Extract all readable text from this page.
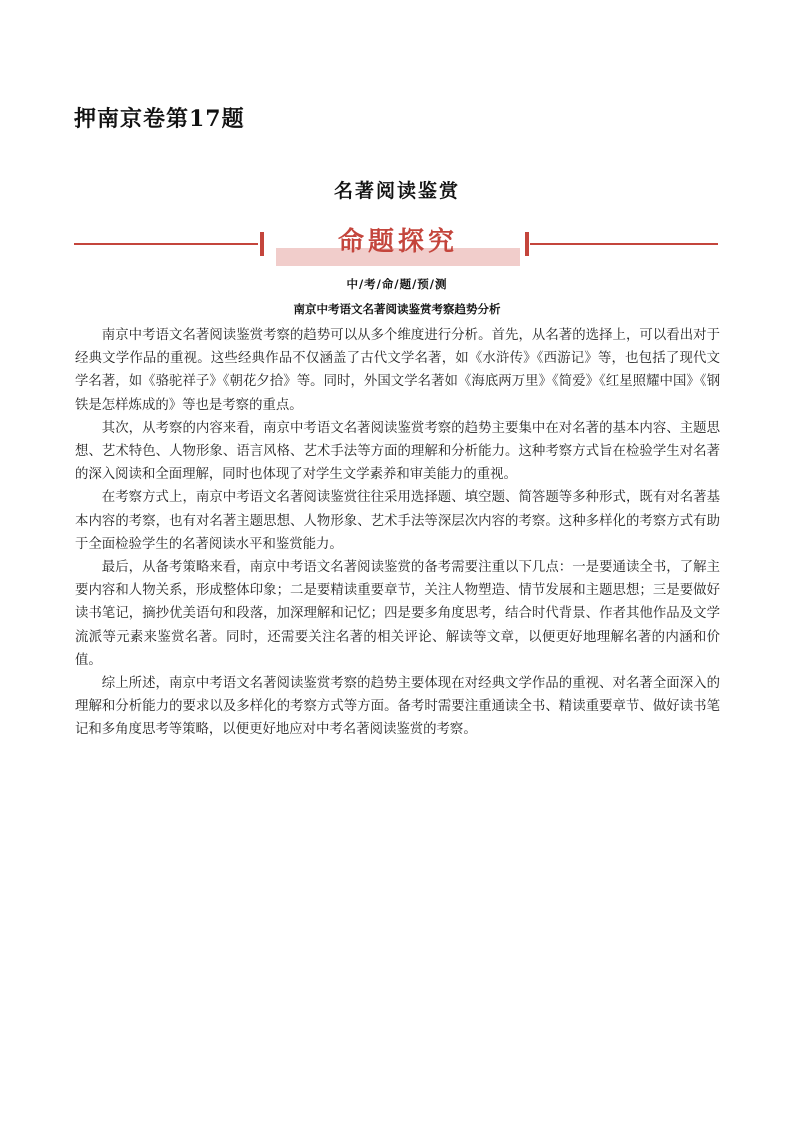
押南京卷第17题
名著阅读鉴赏
命题探究
中/考/命/题/预/测
南京中考语文名著阅读鉴赏考察趋势分析

南京中考语文名著阅读鉴赏考察的趋势可以从多个维度进行分析。首先，从名著的选择上，可以看出对于经典文学作品的重视。这些经典作品不仅涵盖了古代文学名著，如《水浒传》《西游记》等，也包括了现代文学名著，如《骆驼祥子》《朝花夕拾》等。同时，外国文学名著如《海底两万里》《简爱》《红星照耀中国》《钢铁是怎样炼成的》等也是考察的重点。

其次，从考察的内容来看，南京中考语文名著阅读鉴赏考察的趋势主要集中在对名著的基本内容、主题思想、艺术特色、人物形象、语言风格、艺术手法等方面的理解和分析能力。这种考察方式旨在检验学生对名著的深入阅读和全面理解，同时也体现了对学生文学素养和审美能力的重视。

在考察方式上，南京中考语文名著阅读鉴赏往往采用选择题、填空题、简答题等多种形式，既有对名著基本内容的考察，也有对名著主题思想、人物形象、艺术手法等深层次内容的考察。这种多样化的考察方式有助于全面检验学生的名著阅读水平和鉴赏能力。

最后，从备考策略来看，南京中考语文名著阅读鉴赏的备考需要注重以下几点：一是要通读全书，了解主要内容和人物关系，形成整体印象；二是要精读重要章节，关注人物塑造、情节发展和主题思想；三是要做好读书笔记，摘抄优美语句和段落，加深理解和记忆；四是要多角度思考，结合时代背景、作者其他作品及文学流派等元素来鉴赏名著。同时，还需要关注名著的相关评论、解读等文章，以便更好地理解名著的内涵和价值。

综上所述，南京中考语文名著阅读鉴赏考察的趋势主要体现在对经典文学作品的重视、对名著全面深入的理解和分析能力的要求以及多样化的考察方式等方面。备考时需要注重通读全书、精读重要章节、做好读书笔记和多角度思考等策略，以便更好地应对中考名著阅读鉴赏的考察。
